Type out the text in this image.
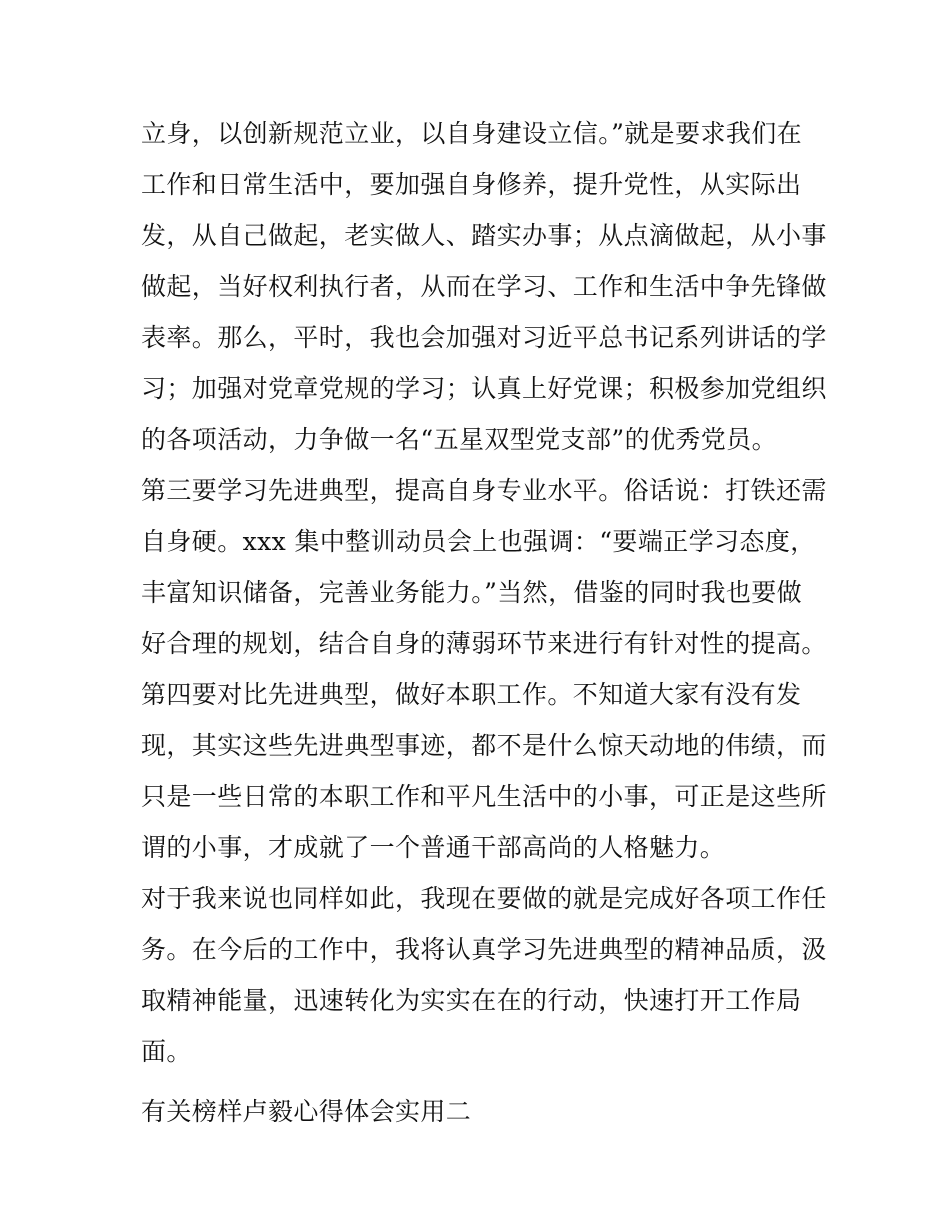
立身，以创新规范立业，以自身建设立信。”就是要求我们在
工作和日常生活中，要加强自身修养，提升党性，从实际出
发，从自己做起，老实做人、踏实办事；从点滴做起，从小事
做起，当好权利执行者，从而在学习、工作和生活中争先锋做
表率。那么，平时，我也会加强对习近平总书记系列讲话的学
习；加强对党章党规的学习；认真上好党课；积极参加党组织
的各项活动，力争做一名“五星双型党支部”的优秀党员。
第三要学习先进典型，提高自身专业水平。俗话说：打铁还需
自身硬。xxx 集中整训动员会上也强调：“要端正学习态度，
丰富知识储备，完善业务能力。”当然，借鉴的同时我也要做
好合理的规划，结合自身的薄弱环节来进行有针对性的提高。
第四要对比先进典型，做好本职工作。不知道大家有没有发
现，其实这些先进典型事迹，都不是什么惊天动地的伟绩，而
只是一些日常的本职工作和平凡生活中的小事，可正是这些所
谓的小事，才成就了一个普通干部高尚的人格魅力。
对于我来说也同样如此，我现在要做的就是完成好各项工作任
务。在今后的工作中，我将认真学习先进典型的精神品质，汲
取精神能量，迅速转化为实实在在的行动，快速打开工作局
面。
有关榜样卢毅心得体会实用二
